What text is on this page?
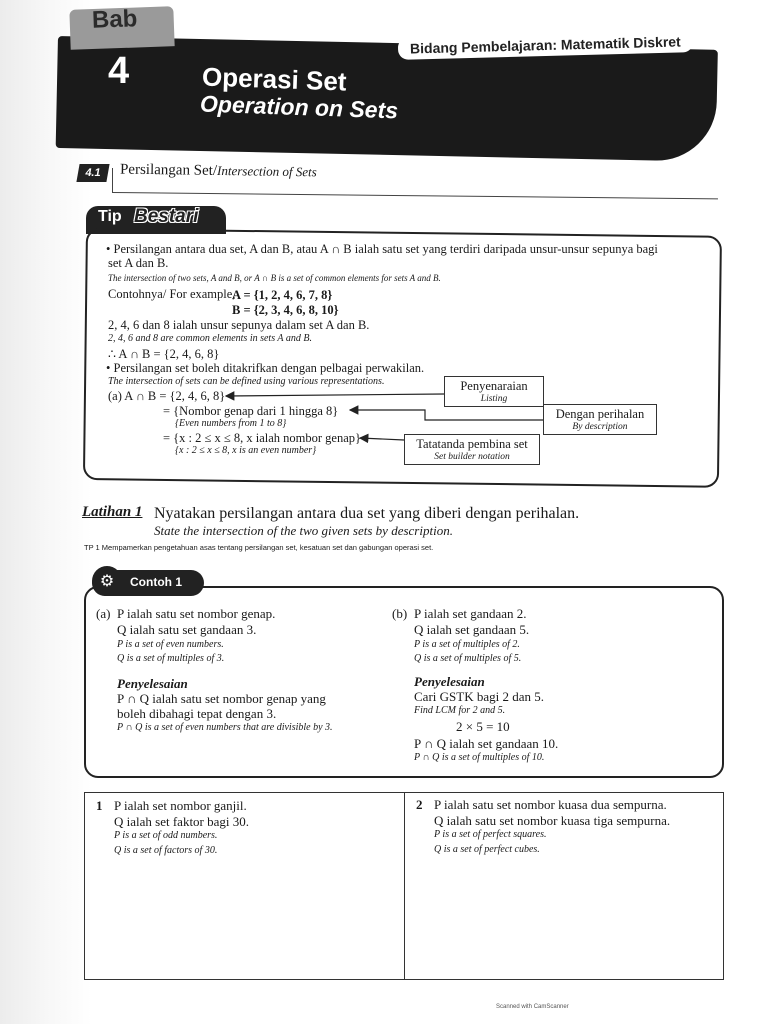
Bab
Bidang Pembelajaran: Matematik Diskret
4	Operasi Set
Operation on Sets
4.1	Persilangan Set/Intersection of Sets
Tip Bestari
• Persilangan antara dua set, A dan B, atau A ∩ B ialah satu set yang terdiri daripada unsur-unsur sepunya bagi
set A dan B.
The intersection of two sets, A and B, or A ∩ B is a set of common elements for sets A and B.
Contohnya/ For example,
A = {1, 2, 4, 6, 7, 8}
B = {2, 3, 4, 6, 8, 10}
2, 4, 6 dan 8 ialah unsur sepunya dalam set A dan B.
2, 4, 6 and 8 are common elements in sets A and B.
∴ A ∩ B = {2, 4, 6, 8}
• Persilangan set boleh ditakrifkan dengan pelbagai perwakilan.
The intersection of sets can be defined using various representations.
(a) A ∩ B = {2, 4, 6, 8}
= {Nombor genap dari 1 hingga 8}
{Even numbers from 1 to 8}
= {x : 2 ≤ x ≤ 8, x ialah nombor genap}
{x : 2 ≤ x ≤ 8, x is an even number}
Penyenaraian
Listing
Dengan perihalan
By description
Tatatanda pembina set
Set builder notation
Latihan 1 Nyatakan persilangan antara dua set yang diberi dengan perihalan.
State the intersection of the two given sets by description.
TP 1 Mempamerkan pengetahuan asas tentang persilangan set, kesatuan set dan gabungan operasi set.
⚙	Contoh 1
(a) P ialah satu set nombor genap.
Q ialah satu set gandaan 3.
P is a set of even numbers.
Q is a set of multiples of 3.
Penyelesaian
P ∩ Q ialah satu set nombor genap yang
boleh dibahagi tepat dengan 3.
P ∩ Q is a set of even numbers that are divisible by 3.
(b) P ialah set gandaan 2.
Q ialah set gandaan 5.
P is a set of multiples of 2.
Q is a set of multiples of 5.
Penyelesaian
Cari GSTK bagi 2 dan 5.
Find LCM for 2 and 5.
2 × 5 = 10
P ∩ Q ialah set gandaan 10.
P ∩ Q is a set of multiples of 10.
1 P ialah set nombor ganjil.
Q ialah set faktor bagi 30.
P is a set of odd numbers.
Q is a set of factors of 30.
2 P ialah satu set nombor kuasa dua sempurna.
Q ialah satu set nombor kuasa tiga sempurna.
P is a set of perfect squares.
Q is a set of perfect cubes.
Scanned with CamScanner
